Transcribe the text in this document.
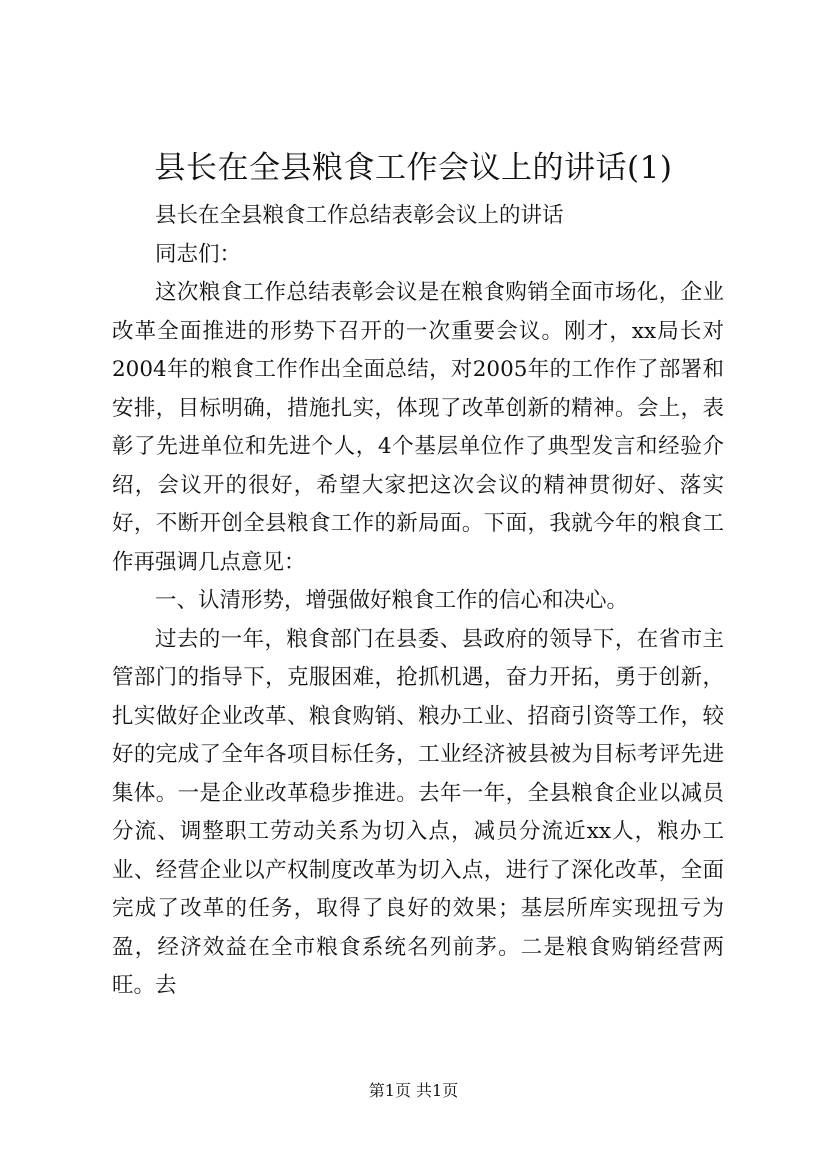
县长在全县粮食工作会议上的讲话(1)

县长在全县粮食工作总结表彰会议上的讲话

同志们：

这次粮食工作总结表彰会议是在粮食购销全面市场化，企业改革全面推进的形势下召开的一次重要会议。刚才，xx局长对2004年的粮食工作作出全面总结，对2005年的工作作了部署和安排，目标明确，措施扎实，体现了改革创新的精神。会上，表彰了先进单位和先进个人，4个基层单位作了典型发言和经验介绍，会议开的很好，希望大家把这次会议的精神贯彻好、落实好，不断开创全县粮食工作的新局面。下面，我就今年的粮食工作再强调几点意见：

一、认清形势，增强做好粮食工作的信心和决心。

过去的一年，粮食部门在县委、县政府的领导下，在省市主管部门的指导下，克服困难，抢抓机遇，奋力开拓，勇于创新，扎实做好企业改革、粮食购销、粮办工业、招商引资等工作，较好的完成了全年各项目标任务，工业经济被县被为目标考评先进集体。一是企业改革稳步推进。去年一年，全县粮食企业以减员分流、调整职工劳动关系为切入点，减员分流近xx人，粮办工业、经营企业以产权制度改革为切入点，进行了深化改革，全面完成了改革的任务，取得了良好的效果；基层所库实现扭亏为盈，经济效益在全市粮食系统名列前茅。二是粮食购销经营两旺。去

第1页 共1页
